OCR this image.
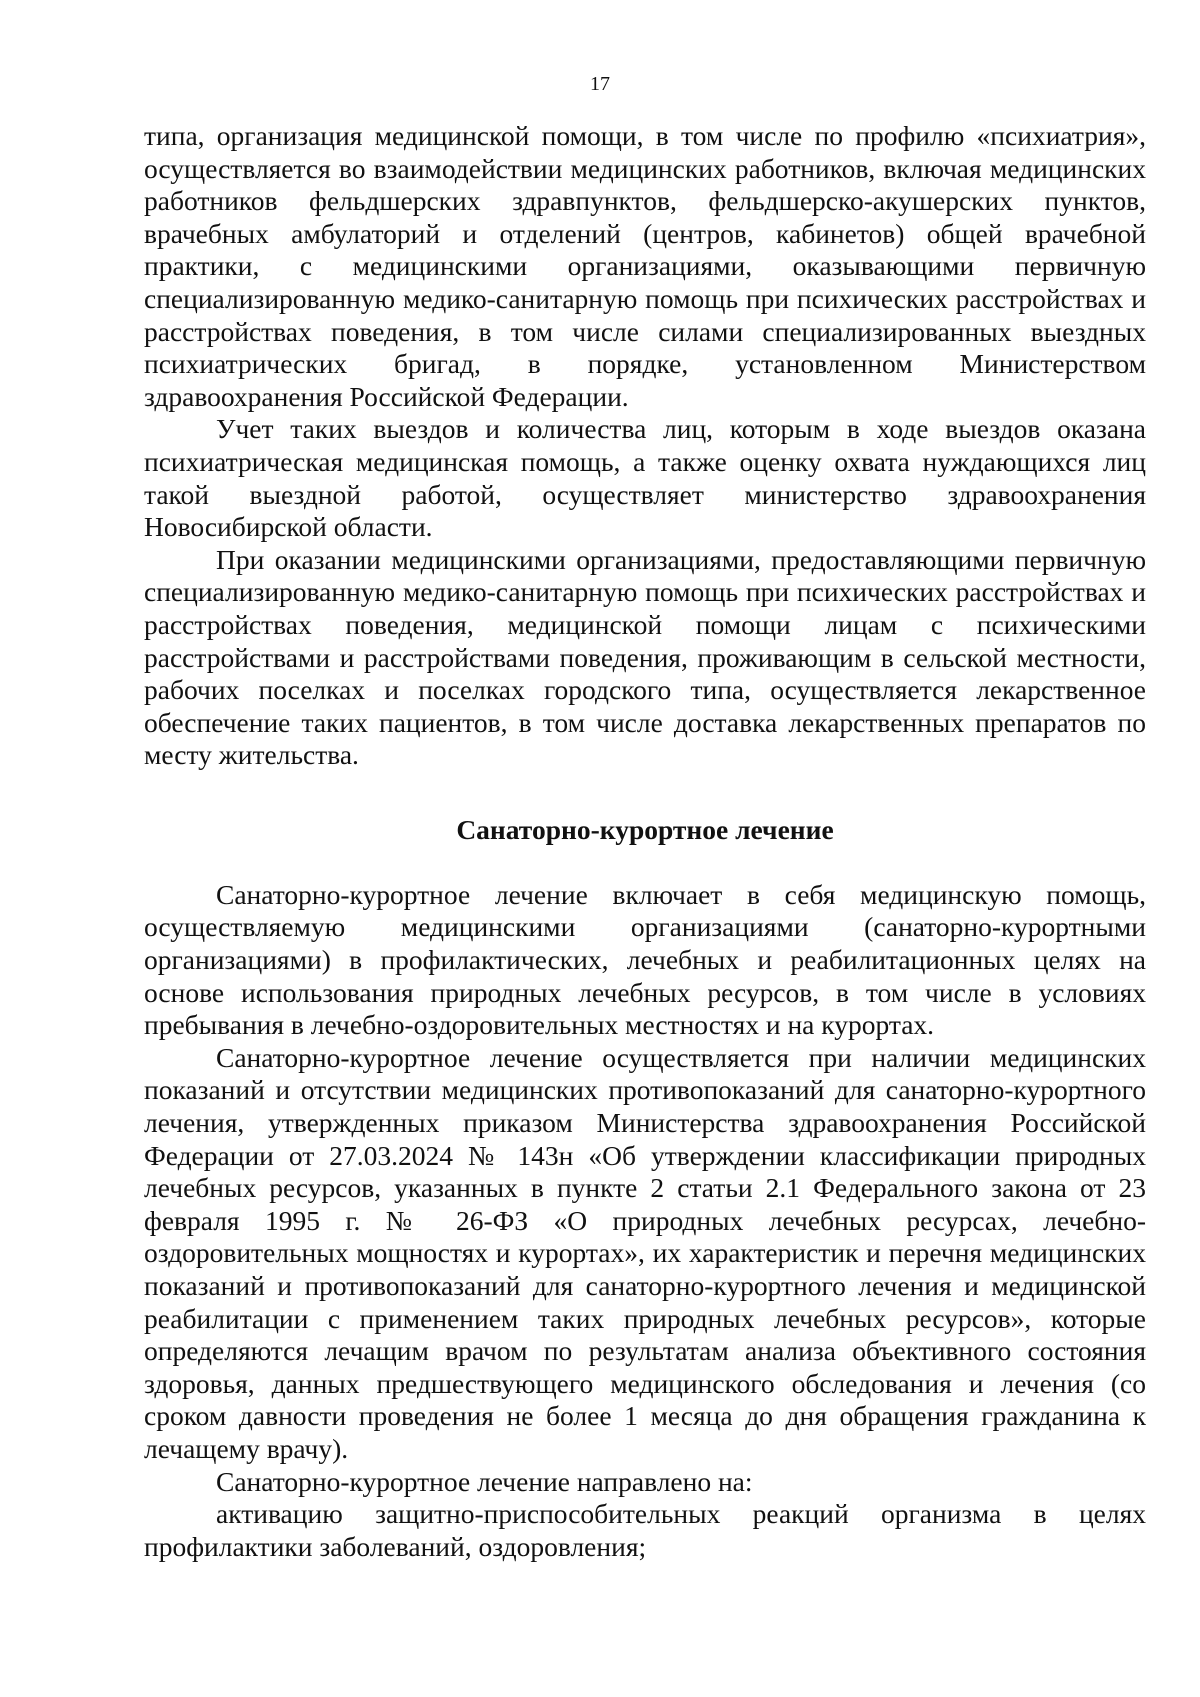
17

типа, организация медицинской помощи, в том числе по профилю «психиатрия», осуществляется во взаимодействии медицинских работников, включая медицинских работников фельдшерских здравпунктов, фельдшерско-акушерских пунктов, врачебных амбулаторий и отделений (центров, кабинетов) общей врачебной практики, с медицинскими организациями, оказывающими первичную специализированную медико-санитарную помощь при психических расстройствах и расстройствах поведения, в том числе силами специализированных выездных психиатрических бригад, в порядке, установленном Министерством здравоохранения Российской Федерации.

Учет таких выездов и количества лиц, которым в ходе выездов оказана психиатрическая медицинская помощь, а также оценку охвата нуждающихся лиц такой выездной работой, осуществляет министерство здравоохранения Новосибирской области.

При оказании медицинскими организациями, предоставляющими первичную специализированную медико-санитарную помощь при психических расстройствах и расстройствах поведения, медицинской помощи лицам с психическими расстройствами и расстройствами поведения, проживающим в сельской местности, рабочих поселках и поселках городского типа, осуществляется лекарственное обеспечение таких пациентов, в том числе доставка лекарственных препаратов по месту жительства.

Санаторно-курортное лечение

Санаторно-курортное лечение включает в себя медицинскую помощь, осуществляемую медицинскими организациями (санаторно-курортными организациями) в профилактических, лечебных и реабилитационных целях на основе использования природных лечебных ресурсов, в том числе в условиях пребывания в лечебно-оздоровительных местностях и на курортах.

Санаторно-курортное лечение осуществляется при наличии медицинских показаний и отсутствии медицинских противопоказаний для санаторно-курортного лечения, утвержденных приказом Министерства здравоохранения Российской Федерации от 27.03.2024 № 143н «Об утверждении классификации природных лечебных ресурсов, указанных в пункте 2 статьи 2.1 Федерального закона от 23 февраля 1995 г. № 26-ФЗ «О природных лечебных ресурсах, лечебно-оздоровительных мощностях и курортах», их характеристик и перечня медицинских показаний и противопоказаний для санаторно-курортного лечения и медицинской реабилитации с применением таких природных лечебных ресурсов», которые определяются лечащим врачом по результатам анализа объективного состояния здоровья, данных предшествующего медицинского обследования и лечения (со сроком давности проведения не более 1 месяца до дня обращения гражданина к лечащему врачу).

Санаторно-курортное лечение направлено на:

активацию защитно-приспособительных реакций организма в целях профилактики заболеваний, оздоровления;
